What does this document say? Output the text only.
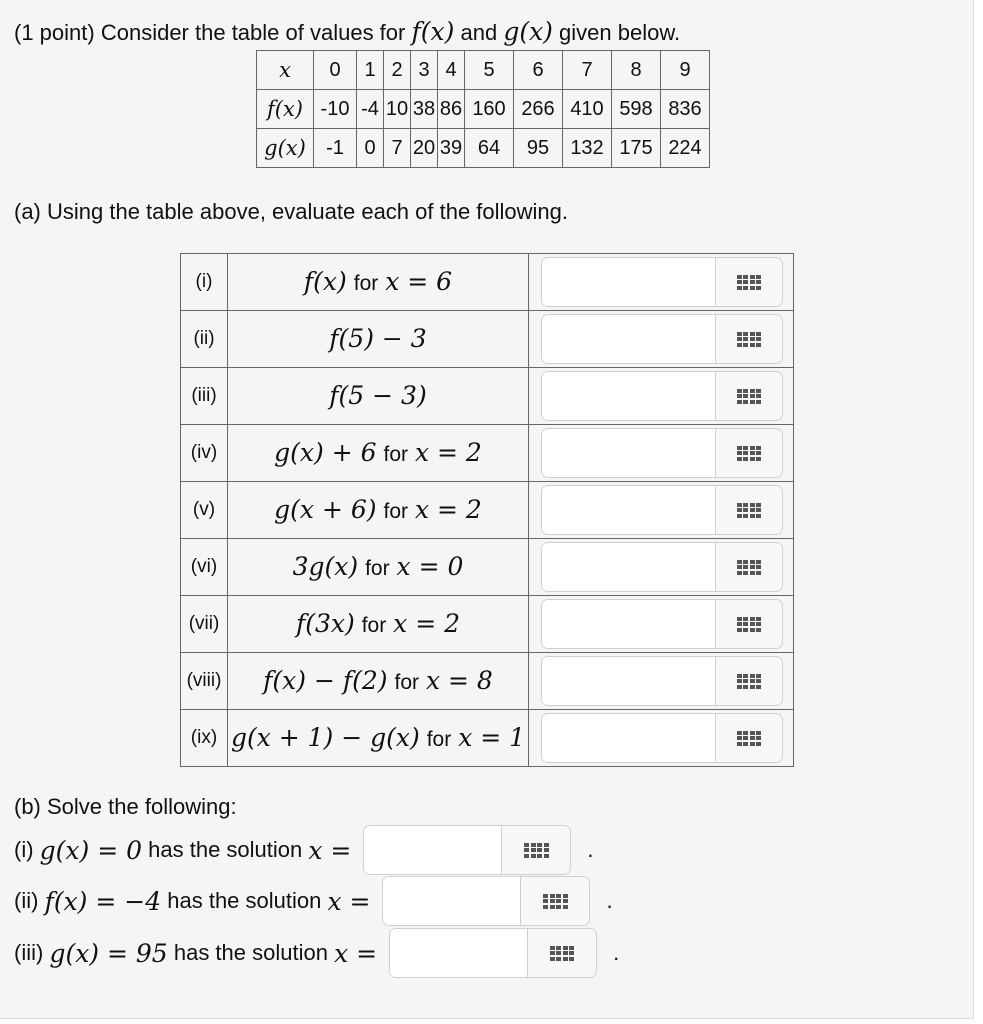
(1 point) Consider the table of values for f(x) and g(x) given below.
x	0	1	2	3	4	5	6	7	8	9
f(x)	-10	-4	10	38	86	160	266	410	598	836
g(x)	-1	0	7	20	39	64	95	132	175	224
(a) Using the table above, evaluate each of the following.
(i)	f(x) for x = 6	

(ii)	f(5) − 3	

(iii)	f(5 − 3)	

(iv)	g(x) + 6 for x = 2	

(v)	g(x + 6) for x = 2	

(vi)	3g(x) for x = 0	

(vii)	f(3x) for x = 2	

(viii)	f(x) − f(2) for x = 8	

(ix)	g(x + 1) − g(x) for x = 1	
(b) Solve the following:
(i)
g(x) = 0
has the solution
x =	.
(ii)
f(x) = −4
has the solution
x =	.
(iii)
g(x) = 95
has the solution
x =	.
